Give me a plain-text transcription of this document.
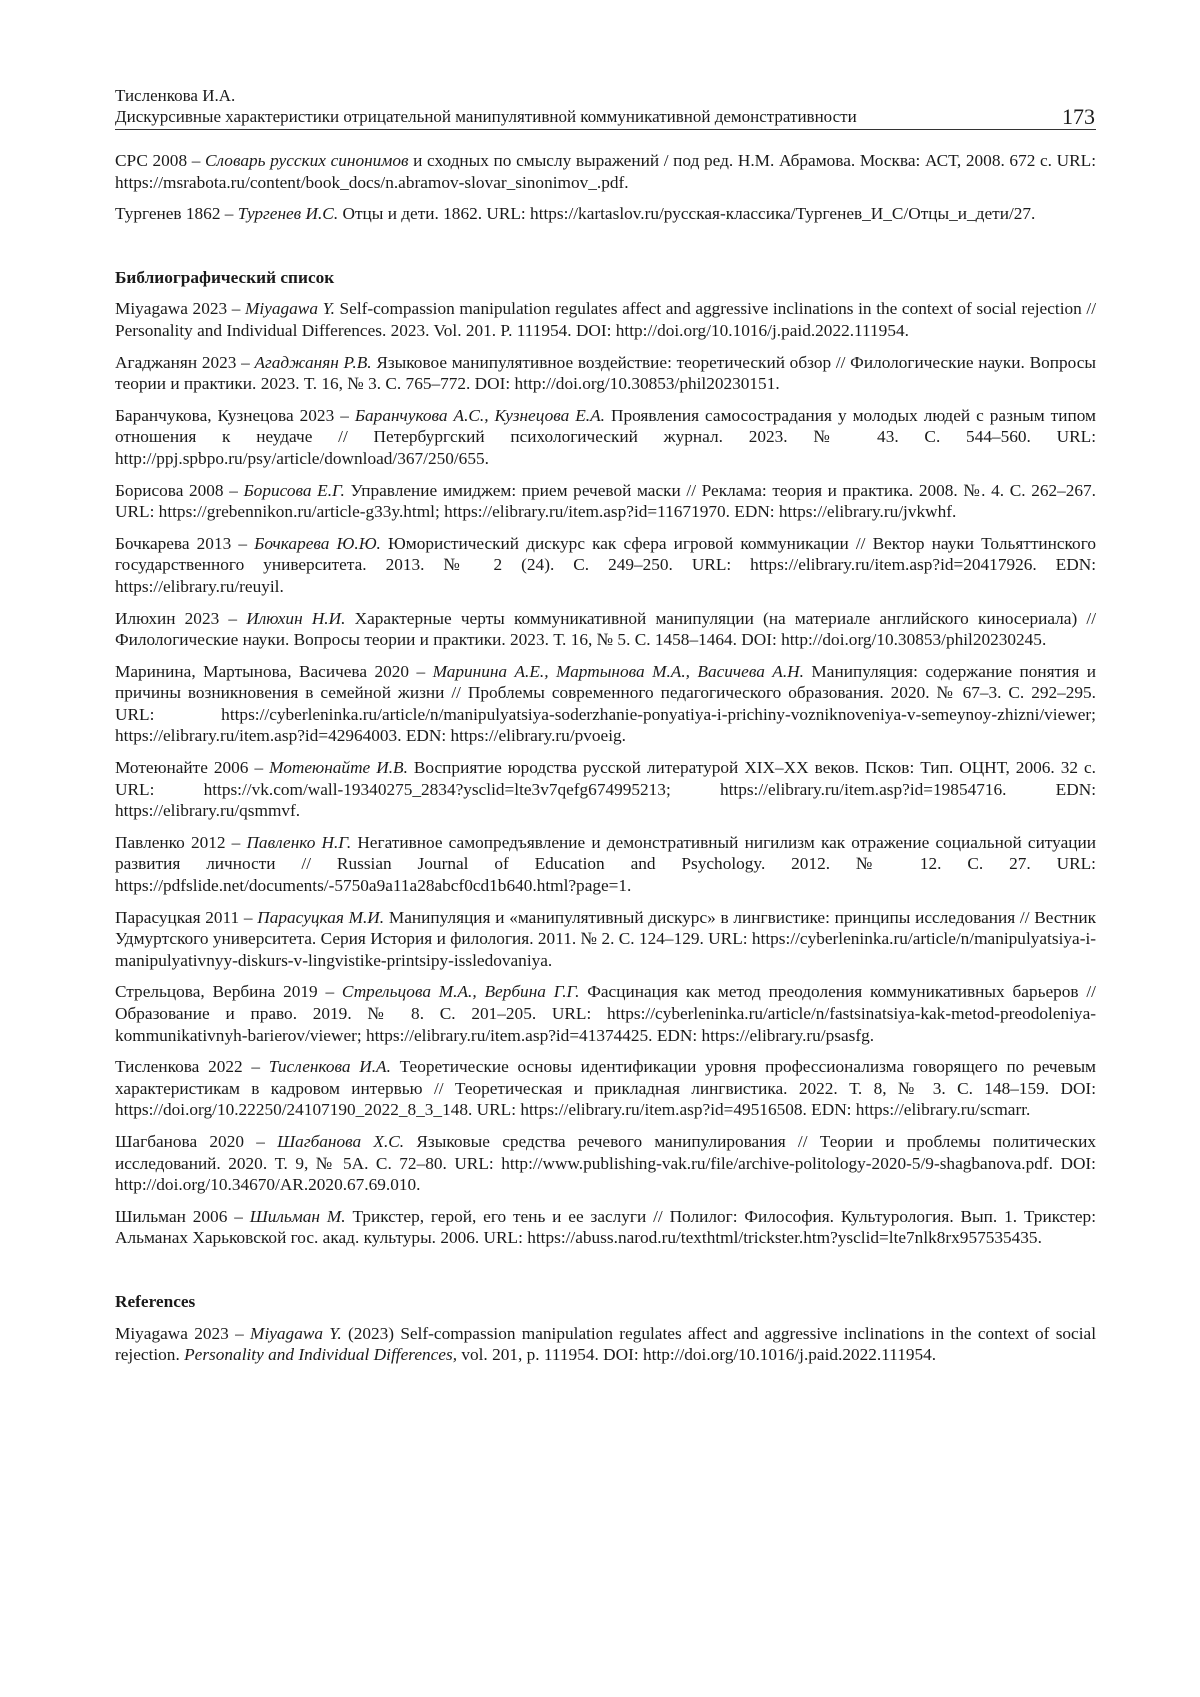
Тисленкова И.А.
Дискурсивные характеристики отрицательной манипулятивной коммуникативной демонстративности	173

СРС 2008 – Словарь русских синонимов и сходных по смыслу выражений / под ред. Н.М. Абрамова. Москва: АСТ, 2008. 672 с. URL: https://msrabota.ru/content/book_docs/n.abramov-slovar_sinonimov_.pdf.

Тургенев 1862 – Тургенев И.С. Отцы и дети. 1862. URL: https://kartaslov.ru/русская-классика/Тургенев_И_С/Отцы_и_дети/27.

Библиографический список

Miyagawa 2023 – Miyagawa Y. Self-compassion manipulation regulates affect and aggressive inclinations in the context of social rejection // Personality and Individual Differences. 2023. Vol. 201. P. 111954. DOI: http://doi.org/10.1016/j.paid.2022.111954.

Агаджанян 2023 – Агаджанян Р.В. Языковое манипулятивное воздействие: теоретический обзор // Филологические науки. Вопросы теории и практики. 2023. Т. 16, № 3. С. 765–772. DOI: http://doi.org/10.30853/phil20230151.

Баранчукова, Кузнецова 2023 – Баранчукова А.С., Кузнецова Е.А. Проявления самосострадания у молодых людей с разным типом отношения к неудаче // Петербургский психологический журнал. 2023. № 43. С. 544–560. URL: http://ppj.spbpo.ru/psy/article/download/367/250/655.

Борисова 2008 – Борисова Е.Г. Управление имиджем: прием речевой маски // Реклама: теория и практика. 2008. №. 4. С. 262–267. URL: https://grebennikon.ru/article-g33y.html; https://elibrary.ru/item.asp?id=11671970. EDN: https://elibrary.ru/jvkwhf.

Бочкарева 2013 – Бочкарева Ю.Ю. Юмористический дискурс как сфера игровой коммуникации // Вектор науки Тольяттинского государственного университета. 2013. № 2 (24). С. 249–250. URL: https://elibrary.ru/item.asp?id=20417926. EDN: https://elibrary.ru/reuyil.

Илюхин 2023 – Илюхин Н.И. Характерные черты коммуникативной манипуляции (на материале английского киносериала) // Филологические науки. Вопросы теории и практики. 2023. Т. 16, № 5. С. 1458–1464. DOI: http://doi.org/10.30853/phil20230245.

Маринина, Мартынова, Васичева 2020 – Маринина А.Е., Мартынова М.А., Васичева А.Н. Манипуляция: содержание понятия и причины возникновения в семейной жизни // Проблемы современного педагогического образования. 2020. № 67–3. С. 292–295. URL: https://cyberleninka.ru/article/n/manipulyatsiya-soderzhanie-ponyatiya-i-prichiny-vozniknoveniya-v-semeynoy-zhizni/viewer; https://elibrary.ru/item.asp?id=42964003. EDN: https://elibrary.ru/pvoeig.

Мотеюнайте 2006 – Мотеюнайте И.В. Восприятие юродства русской литературой XIX–XX веков. Псков: Тип. ОЦНТ, 2006. 32 с. URL: https://vk.com/wall-19340275_2834?ysclid=lte3v7qefg674995213; https://elibrary.ru/item.asp?id=19854716. EDN: https://elibrary.ru/qsmmvf.

Павленко 2012 – Павленко Н.Г. Негативное самопредъявление и демонстративный нигилизм как отражение социальной ситуации развития личности // Russian Journal of Education and Psychology. 2012. № 12. С. 27. URL: https://pdfslide.net/documents/-5750a9a11a28abcf0cd1b640.html?page=1.

Парасуцкая 2011 – Парасуцкая М.И. Манипуляция и «манипулятивный дискурс» в лингвистике: принципы исследования // Вестник Удмуртского университета. Серия История и филология. 2011. № 2. С. 124–129. URL: https://cyberleninka.ru/article/n/manipulyatsiya-i-manipulyativnyy-diskurs-v-lingvistike-printsipy-issledovaniya.

Стрельцова, Вербина 2019 – Стрельцова М.А., Вербина Г.Г. Фасцинация как метод преодоления коммуникативных барьеров // Образование и право. 2019. № 8. С. 201–205. URL: https://cyberleninka.ru/article/n/fastsinatsiya-kak-metod-preodoleniya-kommunikativnyh-barierov/viewer; https://elibrary.ru/item.asp?id=41374425. EDN: https://elibrary.ru/psasfg.

Тисленкова 2022 – Тисленкова И.А. Теоретические основы идентификации уровня профессионализма говорящего по речевым характеристикам в кадровом интервью // Теоретическая и прикладная лингвистика. 2022. Т. 8, № 3. С. 148–159. DOI: https://doi.org/10.22250/24107190_2022_8_3_148. URL: https://elibrary.ru/item.asp?id=49516508. EDN: https://elibrary.ru/scmarr.

Шагбанова 2020 – Шагбанова Х.С. Языковые средства речевого манипулирования // Теории и проблемы политических исследований. 2020. Т. 9, № 5А. С. 72–80. URL: http://www.publishing-vak.ru/file/archive-politology-2020-5/9-shagbanova.pdf. DOI: http://doi.org/10.34670/AR.2020.67.69.010.

Шильман 2006 – Шильман М. Трикстер, герой, его тень и ее заслуги // Полилог: Философия. Культурология. Вып. 1. Трикстер: Альманах Харьковской гос. акад. культуры. 2006. URL: https://abuss.narod.ru/texthtml/trickster.htm?ysclid=lte7nlk8rx957535435.

References

Miyagawa 2023 – Miyagawa Y. (2023) Self-compassion manipulation regulates affect and aggressive inclinations in the context of social rejection. Personality and Individual Differences, vol. 201, p. 111954. DOI: http://doi.org/10.1016/j.paid.2022.111954.
